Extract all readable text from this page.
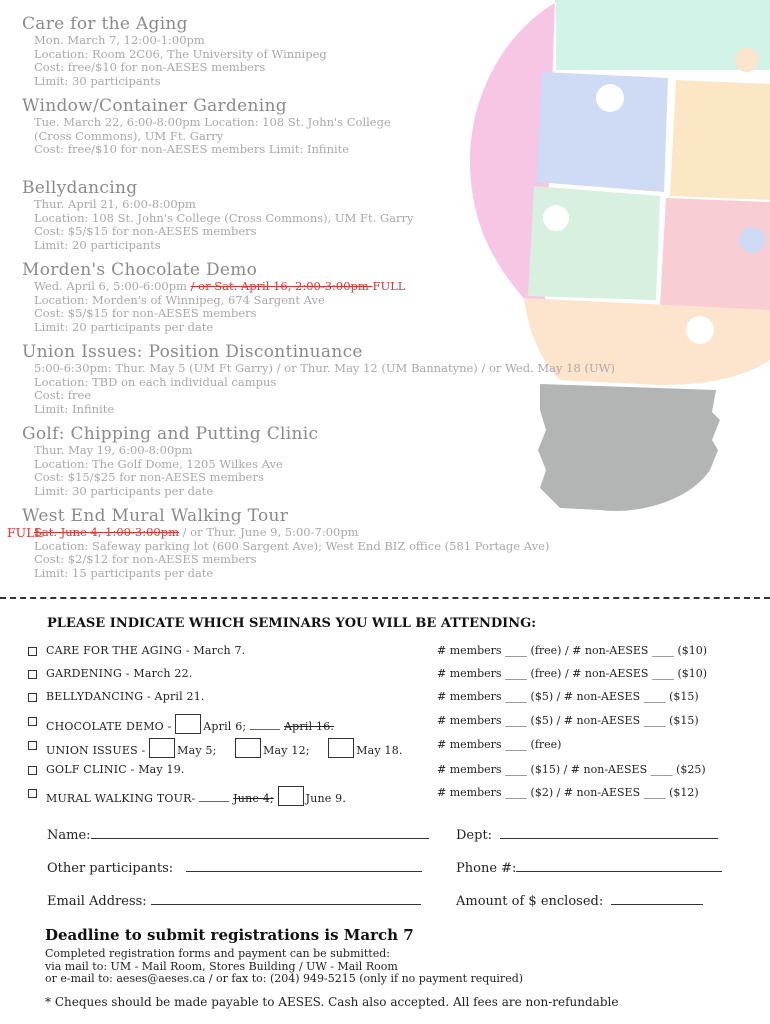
Care for the Aging
Mon. March 7, 12:00-1:00pm
Location: Room 2C06, The University of Winnipeg
Cost: free/$10 for non-AESES members
Limit: 30 participants
Window/Container Gardening
Tue. March 22, 6:00-8:00pm Location: 108 St. John's College
(Cross Commons), UM Ft. Garry
Cost: free/$10 for non-AESES members Limit: Infinite
Bellydancing
Thur. April 21, 6:00-8:00pm
Location: 108 St. John's College (Cross Commons), UM Ft. Garry
Cost: $5/$15 for non-AESES members
Limit: 20 participants
Morden's Chocolate Demo
Wed. April 6, 5:00-6:00pm / or Sat. April 16, 2:00-3:00pm FULL
Location: Morden's of Winnipeg, 674 Sargent Ave
Cost: $5/$15 for non-AESES members
Limit: 20 participants per date
Union Issues: Position Discontinuance
5:00-6:30pm: Thur. May 5 (UM Ft Garry) / or Thur. May 12 (UM Bannatyne) / or Wed. May 18 (UW)
Location: TBD on each individual campus
Cost: free
Limit: Infinite
Golf: Chipping and Putting Clinic
Thur. May 19, 6:00-8:00pm
Location: The Golf Dome, 1205 Wilkes Ave
Cost: $15/$25 for non-AESES members
Limit: 30 participants per date
West End Mural Walking Tour
FULL
Sat. June 4, 1:00-3:00pm / or Thur. June 9, 5:00-7:00pm
Location: Safeway parking lot (600 Sargent Ave); West End BIZ office (581 Portage Ave)
Cost: $2/$12 for non-AESES members
Limit: 15 participants per date
PLEASE INDICATE WHICH SEMINARS YOU WILL BE ATTENDING:
CARE FOR THE AGING - March 7.	# members ____ (free) / # non-AESES ____ ($10)
GARDENING - March 22.	# members ____ (free) / # non-AESES ____ ($10)
BELLYDANCING - April 21.	# members ____ ($5) / # non-AESES ____ ($15)
CHOCOLATE DEMO -	April 6;	April 16.	# members ____ ($5) / # non-AESES ____ ($15)
UNION ISSUES -	May 5;	May 12;	May 18.	# members ____ (free)
GOLF CLINIC - May 19.	# members ____ ($15) / # non-AESES ____ ($25)
MURAL WALKING TOUR-	June 4;	June 9.	# members ____ ($2) / # non-AESES ____ ($12)
Name:	Dept:
Other participants:	Phone #:
Email Address:	Amount of $ enclosed:
Deadline to submit registrations is March 7
Completed registration forms and payment can be submitted:
via mail to: UM - Mail Room, Stores Building / UW - Mail Room
or e-mail to: aeses@aeses.ca / or fax to: (204) 949-5215 (only if no payment required)
* Cheques should be made payable to AESES. Cash also accepted. All fees are non-refundable
